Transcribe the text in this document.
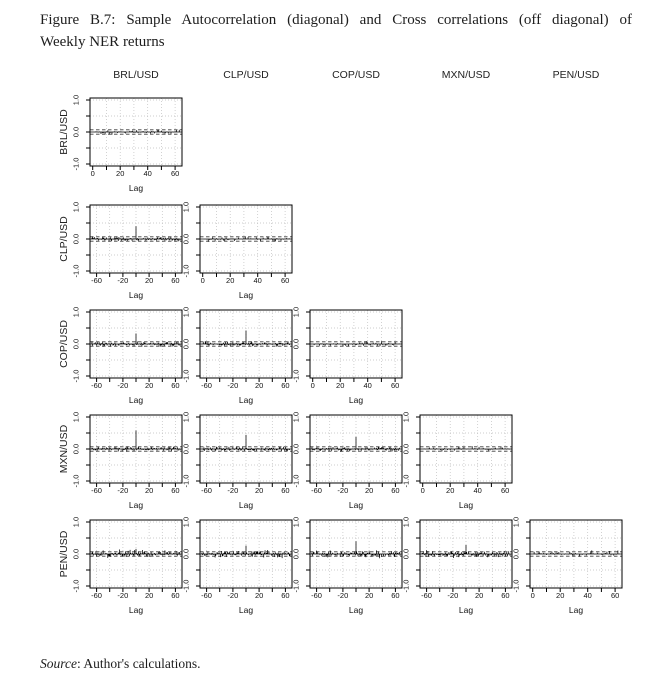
Figure B.7: Sample Autocorrelation (diagonal) and Cross correlations (off diagonal) of
Weekly NER returns
BRL/USD	CLP/USD	COP/USD	MXN/USD	PEN/USD
BRL/USD
CLP/USD
COP/USD
MXN/USD
PEN/USD
1.0
0.0
-1.0
0	20	40	60
Lag
1.0
0.0
-1.0
-60 -20 20 60
Lag
1.0
0.0
-1.0
0	20	40	60
Lag
1.0
0.0
-1.0
-60 -20 20 60
Lag
1.0
0.0
-1.0
-60 -20 20 60
Lag
1.0
0.0
-1.0
0	20	40	60
Lag
1.0
0.0
-1.0
-60 -20 20 60
Lag
1.0
0.0
-1.0
-60 -20 20 60
Lag
1.0
0.0
-1.0
-60 -20 20 60
Lag
1.0
0.0
-1.0
0	20	40	60
Lag
1.0
0.0
-1.0
-60 -20 20 60
Lag
1.0
0.0
-1.0
-60 -20 20 60
Lag
1.0
0.0
-1.0
-60 -20 20 60
Lag
1.0
0.0
-1.0
-60 -20 20 60
Lag
1.0
0.0
-1.0
0	20	40	60
Lag
Source: Author's calculations.
